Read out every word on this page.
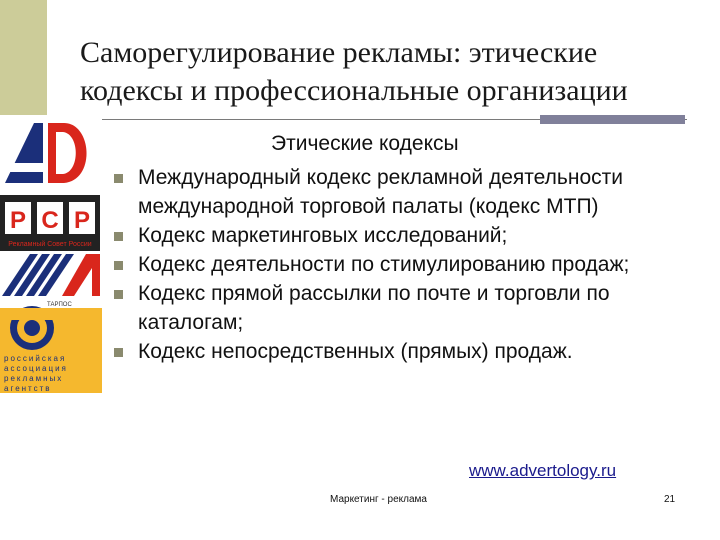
Саморегулирование рекламы: этические
кодексы и профессиональные организации
Р С Р
Рекламный Совет России
ТАРПОС
российская
ассоциация
рекламных
агентств
Этические кодексы
Международный кодекс рекламной деятельности международной торговой палаты (кодекс МТП)
Кодекс маркетинговых исследований;
Кодекс деятельности по стимулированию продаж;
Кодекс прямой рассылки по почте и торговли по каталогам;
Кодекс непосредственных (прямых) продаж.
www.advertology.ru
Маркетинг - реклама	21
